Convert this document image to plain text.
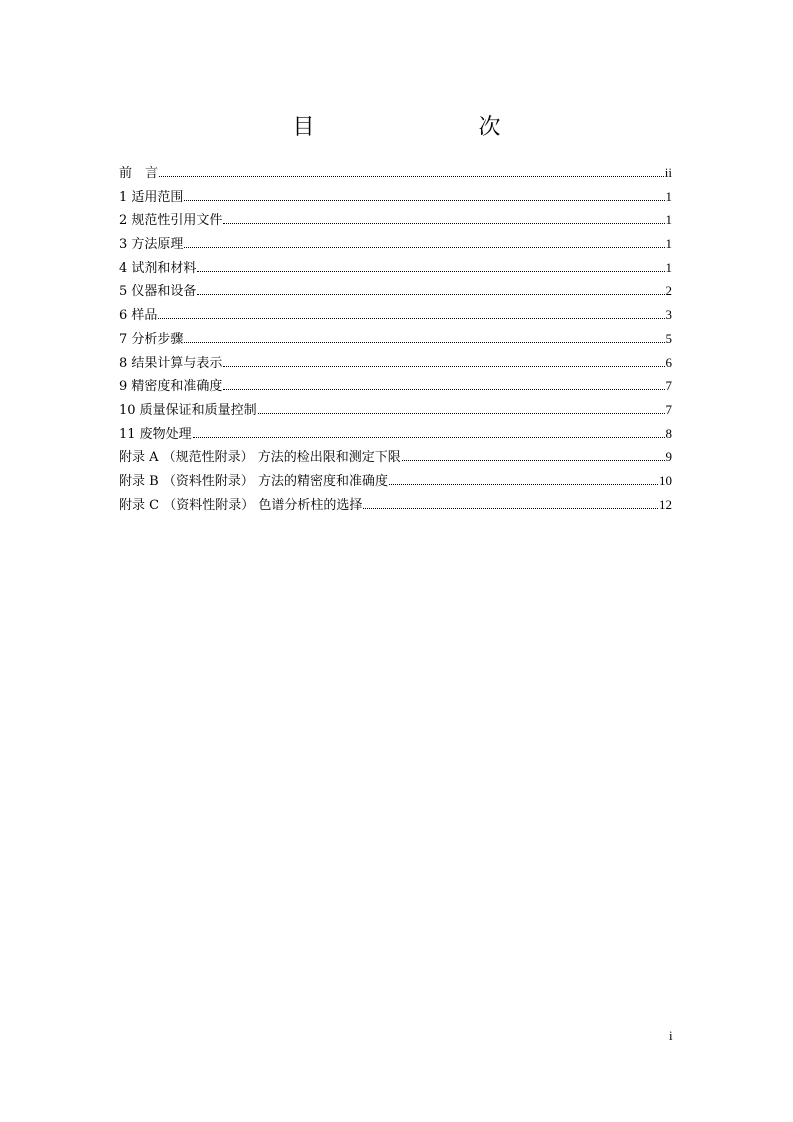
目　　次
前　言	ii
1 适用范围	1
2 规范性引用文件	1
3 方法原理	1
4 试剂和材料	1
5 仪器和设备	2
6 样品	3
7 分析步骤	5
8 结果计算与表示	6
9 精密度和准确度	7
10 质量保证和质量控制	7
11 废物处理	8
附录 A （规范性附录） 方法的检出限和测定下限	9
附录 B （资料性附录） 方法的精密度和准确度	10
附录 C （资料性附录） 色谱分析柱的选择	12
i
